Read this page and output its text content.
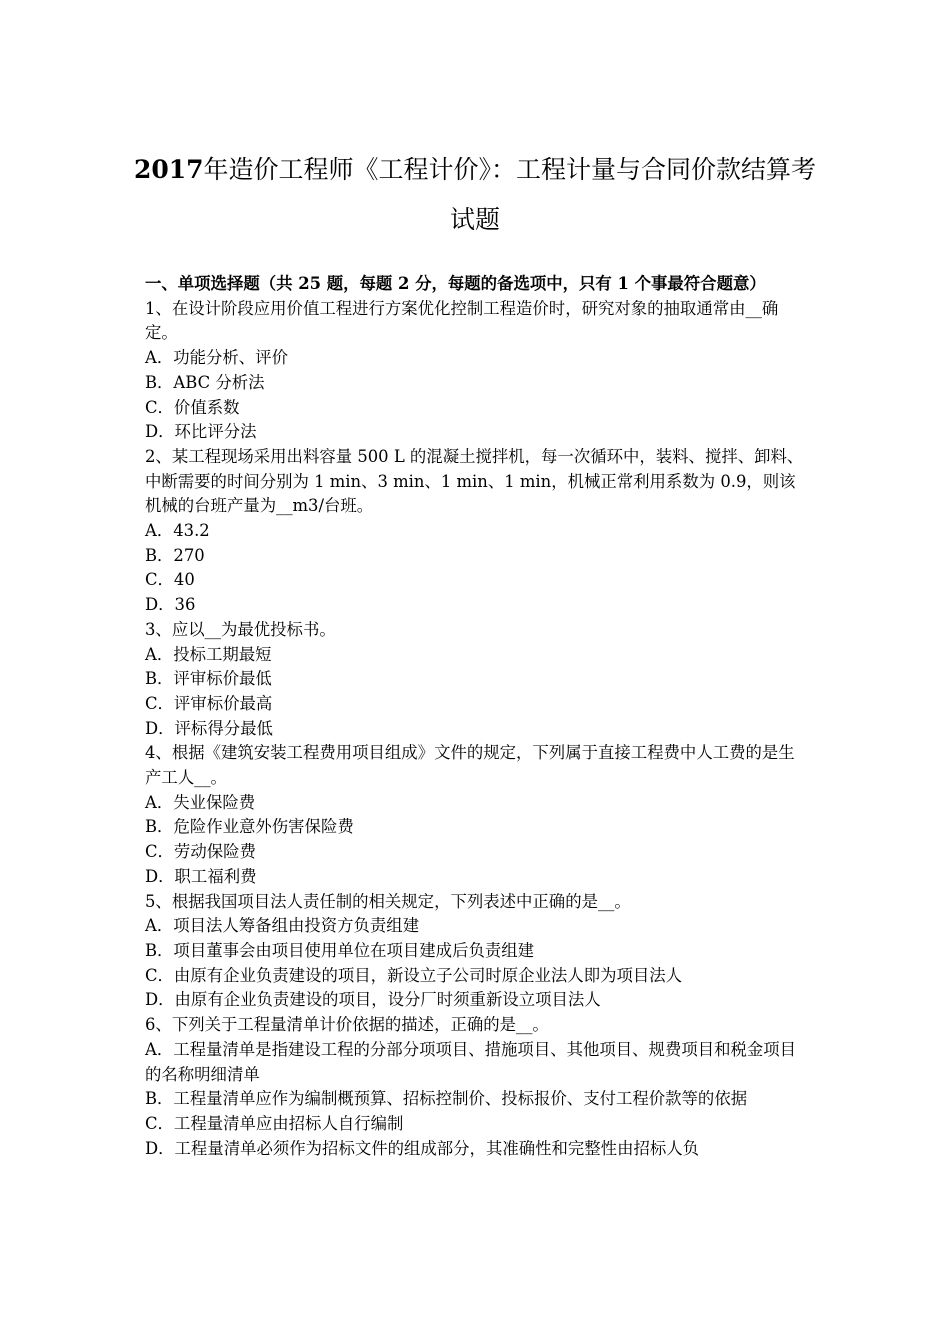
2017年造价工程师《工程计价》：工程计量与合同价款结算考试题

一、单项选择题（共 25 题，每题 2 分，每题的备选项中，只有 1 个事最符合题意）

1、在设计阶段应用价值工程进行方案优化控制工程造价时，研究对象的抽取通常由__确定。

A．功能分析、评价

B．ABC 分析法

C．价值系数

D．环比评分法

2、某工程现场采用出料容量 500 L 的混凝土搅拌机，每一次循环中，装料、搅拌、卸料、中断需要的时间分别为 1 min、3 min、1 min、1 min，机械正常利用系数为 0.9，则该机械的台班产量为__m3/台班。

A．43.2

B．270

C．40

D．36

3、应以__为最优投标书。

A．投标工期最短

B．评审标价最低

C．评审标价最高

D．评标得分最低

4、根据《建筑安装工程费用项目组成》文件的规定，下列属于直接工程费中人工费的是生产工人__。

A．失业保险费

B．危险作业意外伤害保险费

C．劳动保险费

D．职工福利费

5、根据我国项目法人责任制的相关规定，下列表述中正确的是__。

A．项目法人筹备组由投资方负责组建

B．项目董事会由项目使用单位在项目建成后负责组建

C．由原有企业负责建设的项目，新设立子公司时原企业法人即为项目法人

D．由原有企业负责建设的项目，设分厂时须重新设立项目法人

6、下列关于工程量清单计价依据的描述，正确的是__。

A．工程量清单是指建设工程的分部分项项目、措施项目、其他项目、规费项目和税金项目的名称明细清单

B．工程量清单应作为编制概预算、招标控制价、投标报价、支付工程价款等的依据

C．工程量清单应由招标人自行编制

D．工程量清单必须作为招标文件的组成部分，其准确性和完整性由招标人负
